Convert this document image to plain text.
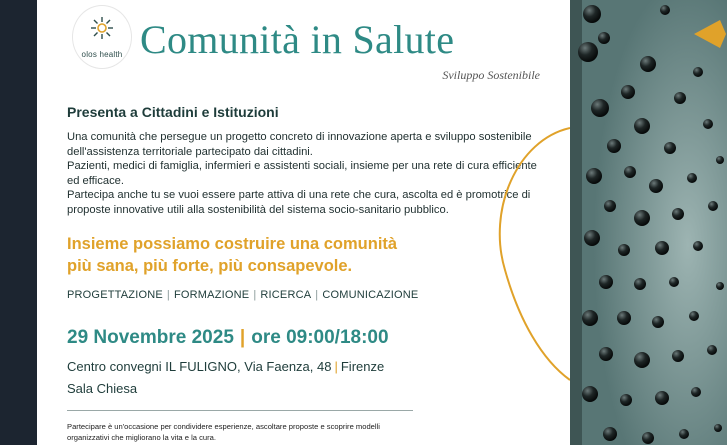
olos health Comunità in Salute
Sviluppo Sostenibile
Presenta a Cittadini e Istituzioni

Una comunità che persegue un progetto concreto di innovazione aperta e sviluppo sostenibile dell'assistenza territoriale partecipato dai cittadini.

Pazienti, medici di famiglia, infermieri e assistenti sociali, insieme per una rete di cura efficiente ed efficace.

Partecipa anche tu se vuoi essere parte attiva di una rete che cura, ascolta ed è promotrice di proposte innovative utili alla sostenibilità del sistema socio-sanitario pubblico.

Insieme possiamo costruire una comunità

più sana, più forte, più consapevole.

PROGETTAZIONE | FORMAZIONE | RICERCA | COMUNICAZIONE
29 Novembre 2025 | ore 09:00/18:00
Centro convegni IL FULIGNO, Via Faenza, 48 | Firenze
Sala Chiesa

Partecipare è un'occasione per condividere esperienze, ascoltare proposte e scoprire modelli

organizzativi che migliorano la vita e la cura.
